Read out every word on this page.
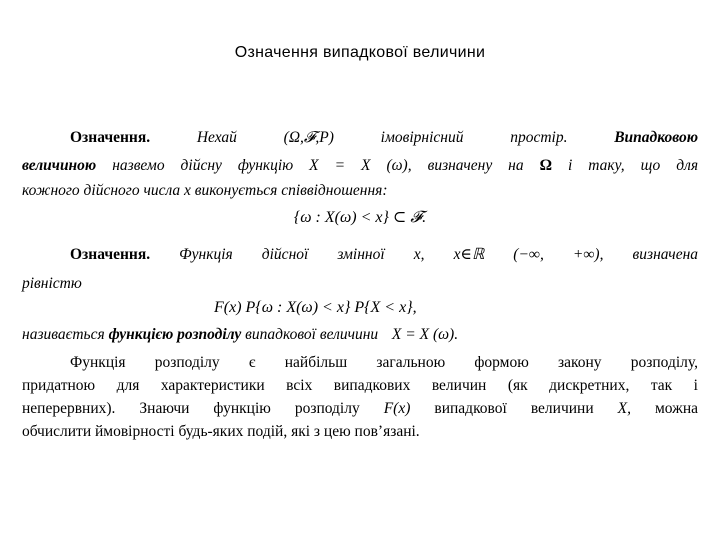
Означення випадкової величини
Означення.	Нехай	(Ω,𝓕,P)	імовірнісний простір.	Випадковою
величиною назвемо дійсну функцію X = X (ω), визначену на Ω і таку, що для
кожного дійсного числа x виконується співвідношення:
{ω : X(ω) < x} ⊂ 𝓕.
Означення. Функція дійсної змінної x, x∈ℝ (−∞, +∞), визначена
рівністю
F(x) P{ω : X(ω) < x} P{X < x},
називається функцією розподілу випадкової величини X = X (ω).
Функція розподілу є найбільш загальною формою закону розподілу,
придатною для характеристики всіх випадкових величин (як дискретних, так і
неперервних). Знаючи функцію розподілу F(x) випадкової величини X, можна
обчислити ймовірності будь-яких подій, які з цею пов’язані.
